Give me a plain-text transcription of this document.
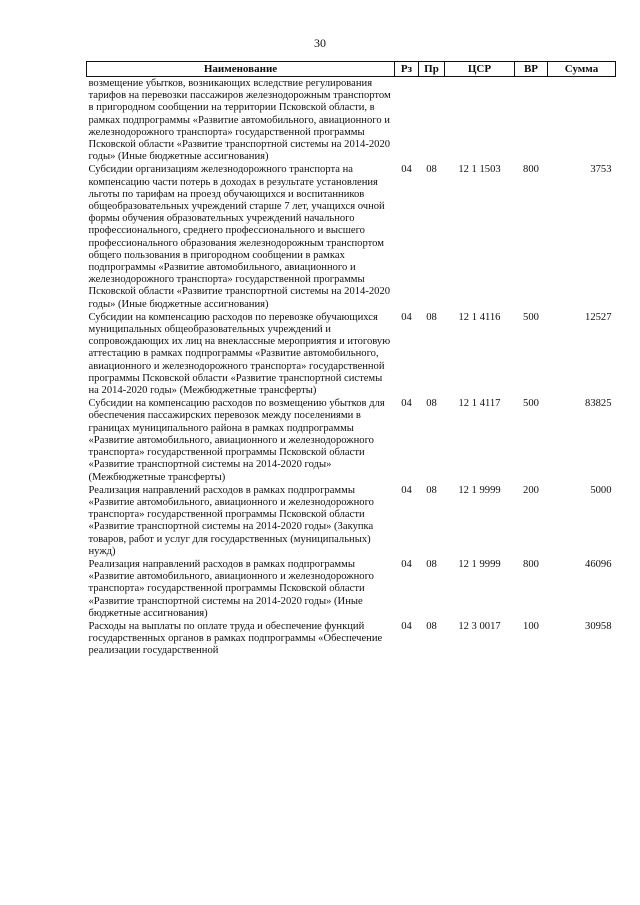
30
Наименование	Рз	Пр	ЦСР	ВР	Сумма
возмещение убытков, возникающих вследствие регулирования тарифов на перевозки пассажиров железнодорожным транспортом в пригородном сообщении на территории Псковской области, в рамках подпрограммы «Развитие автомобильного, авиационного и железнодорожного транспорта» государственной программы Псковской области «Развитие транспортной системы на 2014-2020 годы» (Иные бюджетные ассигнования)					
Субсидии организациям железнодорожного транспорта на компенсацию части потерь в доходах в результате установления льготы по тарифам на проезд обучающихся и воспитанников общеобразовательных учреждений старше 7 лет, учащихся очной формы обучения образовательных учреждений начального профессионального, среднего профессионального и высшего профессионального образования железнодорожным транспортом общего пользования в пригородном сообщении в рамках подпрограммы «Развитие автомобильного, авиационного и железнодорожного транспорта» государственной программы Псковской области «Развитие транспортной системы на 2014-2020 годы» (Иные бюджетные ассигнования)	04	08	12 1 1503	800	3753
Субсидии на компенсацию расходов по перевозке обучающихся муниципальных общеобразовательных учреждений и сопровождающих их лиц на внеклассные мероприятия и итоговую аттестацию в рамках подпрограммы «Развитие автомобильного, авиационного и железнодорожного транспорта» государственной программы Псковской области «Развитие транспортной системы на 2014-2020 годы» (Межбюджетные трансферты)	04	08	12 1 4116	500	12527
Субсидии на компенсацию расходов по возмещению убытков для обеспечения пассажирских перевозок между поселениями в границах муниципального района в рамках подпрограммы «Развитие автомобильного, авиационного и железнодорожного транспорта» государственной программы Псковской области «Развитие транспортной системы на 2014-2020 годы» (Межбюджетные трансферты)	04	08	12 1 4117	500	83825
Реализация направлений расходов в рамках подпрограммы «Развитие автомобильного, авиационного и железнодорожного транспорта» государственной программы Псковской области «Развитие транспортной системы на 2014-2020 годы» (Закупка товаров, работ и услуг для государственных (муниципальных) нужд)	04	08	12 1 9999	200	5000
Реализация направлений расходов в рамках подпрограммы «Развитие автомобильного, авиационного и железнодорожного транспорта» государственной программы Псковской области «Развитие транспортной системы на 2014-2020 годы» (Иные бюджетные ассигнования)	04	08	12 1 9999	800	46096
Расходы на выплаты по оплате труда и обеспечение функций государственных органов в рамках подпрограммы «Обеспечение реализации государственной	04	08	12 3 0017	100	30958
